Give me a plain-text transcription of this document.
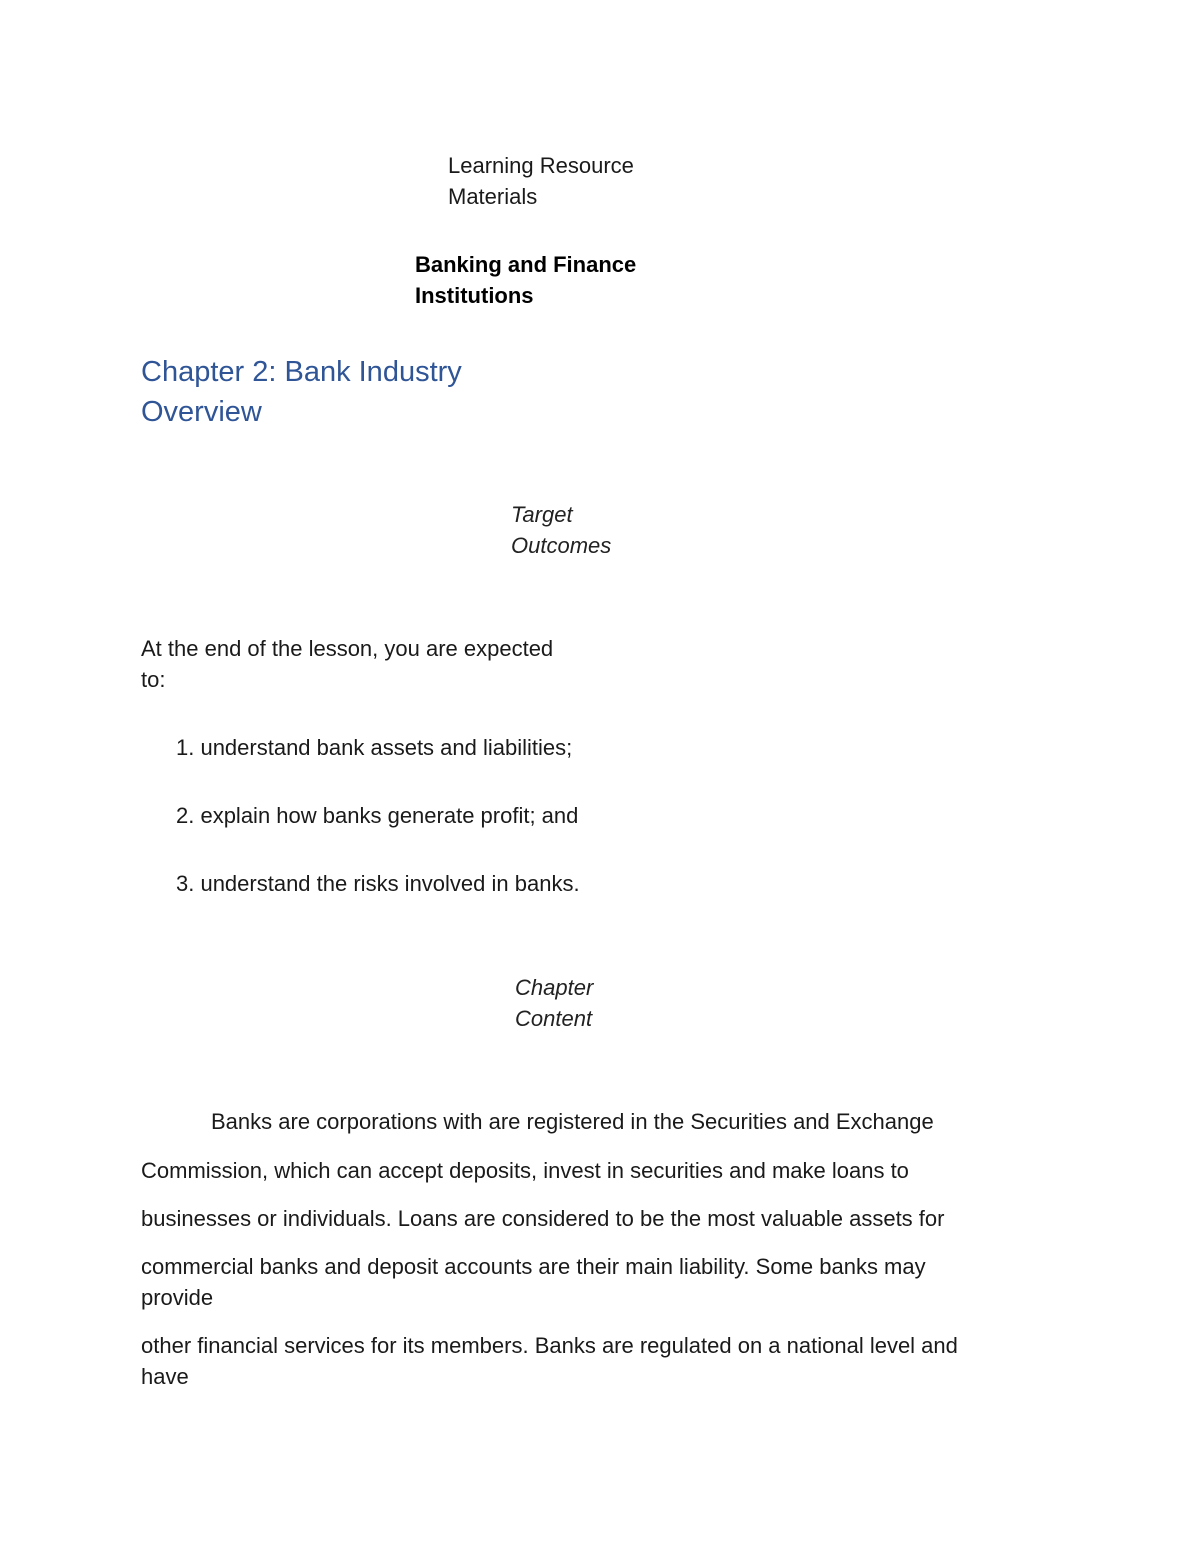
Learning Resource

Materials

Banking and Finance

Institutions

Chapter 2: Bank Industry
Overview

Target

Outcomes

At the end of the lesson, you are expected

to:

1. understand bank assets and liabilities;
2. explain how banks generate profit; and
3. understand the risks involved in banks.

Chapter

Content

Banks are corporations with are registered in the Securities and Exchange
Commission, which can accept deposits, invest in securities and make loans to
businesses or individuals. Loans are considered to be the most valuable assets for
commercial banks and deposit accounts are their main liability. Some banks may
provide
other financial services for its members. Banks are regulated on a national level and
have
